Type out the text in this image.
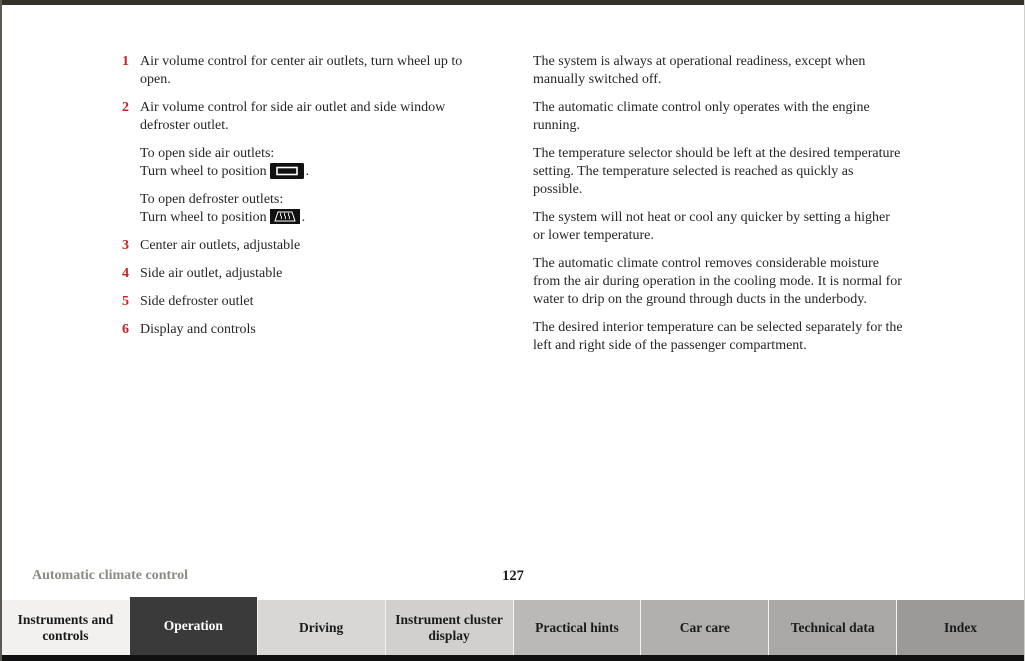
1 Air volume control for center air outlets, turn wheel up to open.
2 Air volume control for side air outlet and side window defroster outlet.
To open side air outlets:
Turn wheel to position	.
To open defroster outlets:
Turn wheel to position	.
3 Center air outlets, adjustable
4 Side air outlet, adjustable
5 Side defroster outlet
6 Display and controls

The system is always at operational readiness, except when manually switched off.

The automatic climate control only operates with the engine running.

The temperature selector should be left at the desired temperature setting. The temperature selected is reached as quickly as possible.

The system will not heat or cool any quicker by setting a higher or lower temperature.

The automatic climate control removes considerable moisture from the air during operation in the cooling mode. It is normal for water to drip on the ground through ducts in the underbody.

The desired interior temperature can be selected separately for the left and right side of the passenger compartment.

Automatic climate control	127
Instruments and controls
Operation	Driving
Instrument cluster display
Practical hints	Car care	Technical data	Index
